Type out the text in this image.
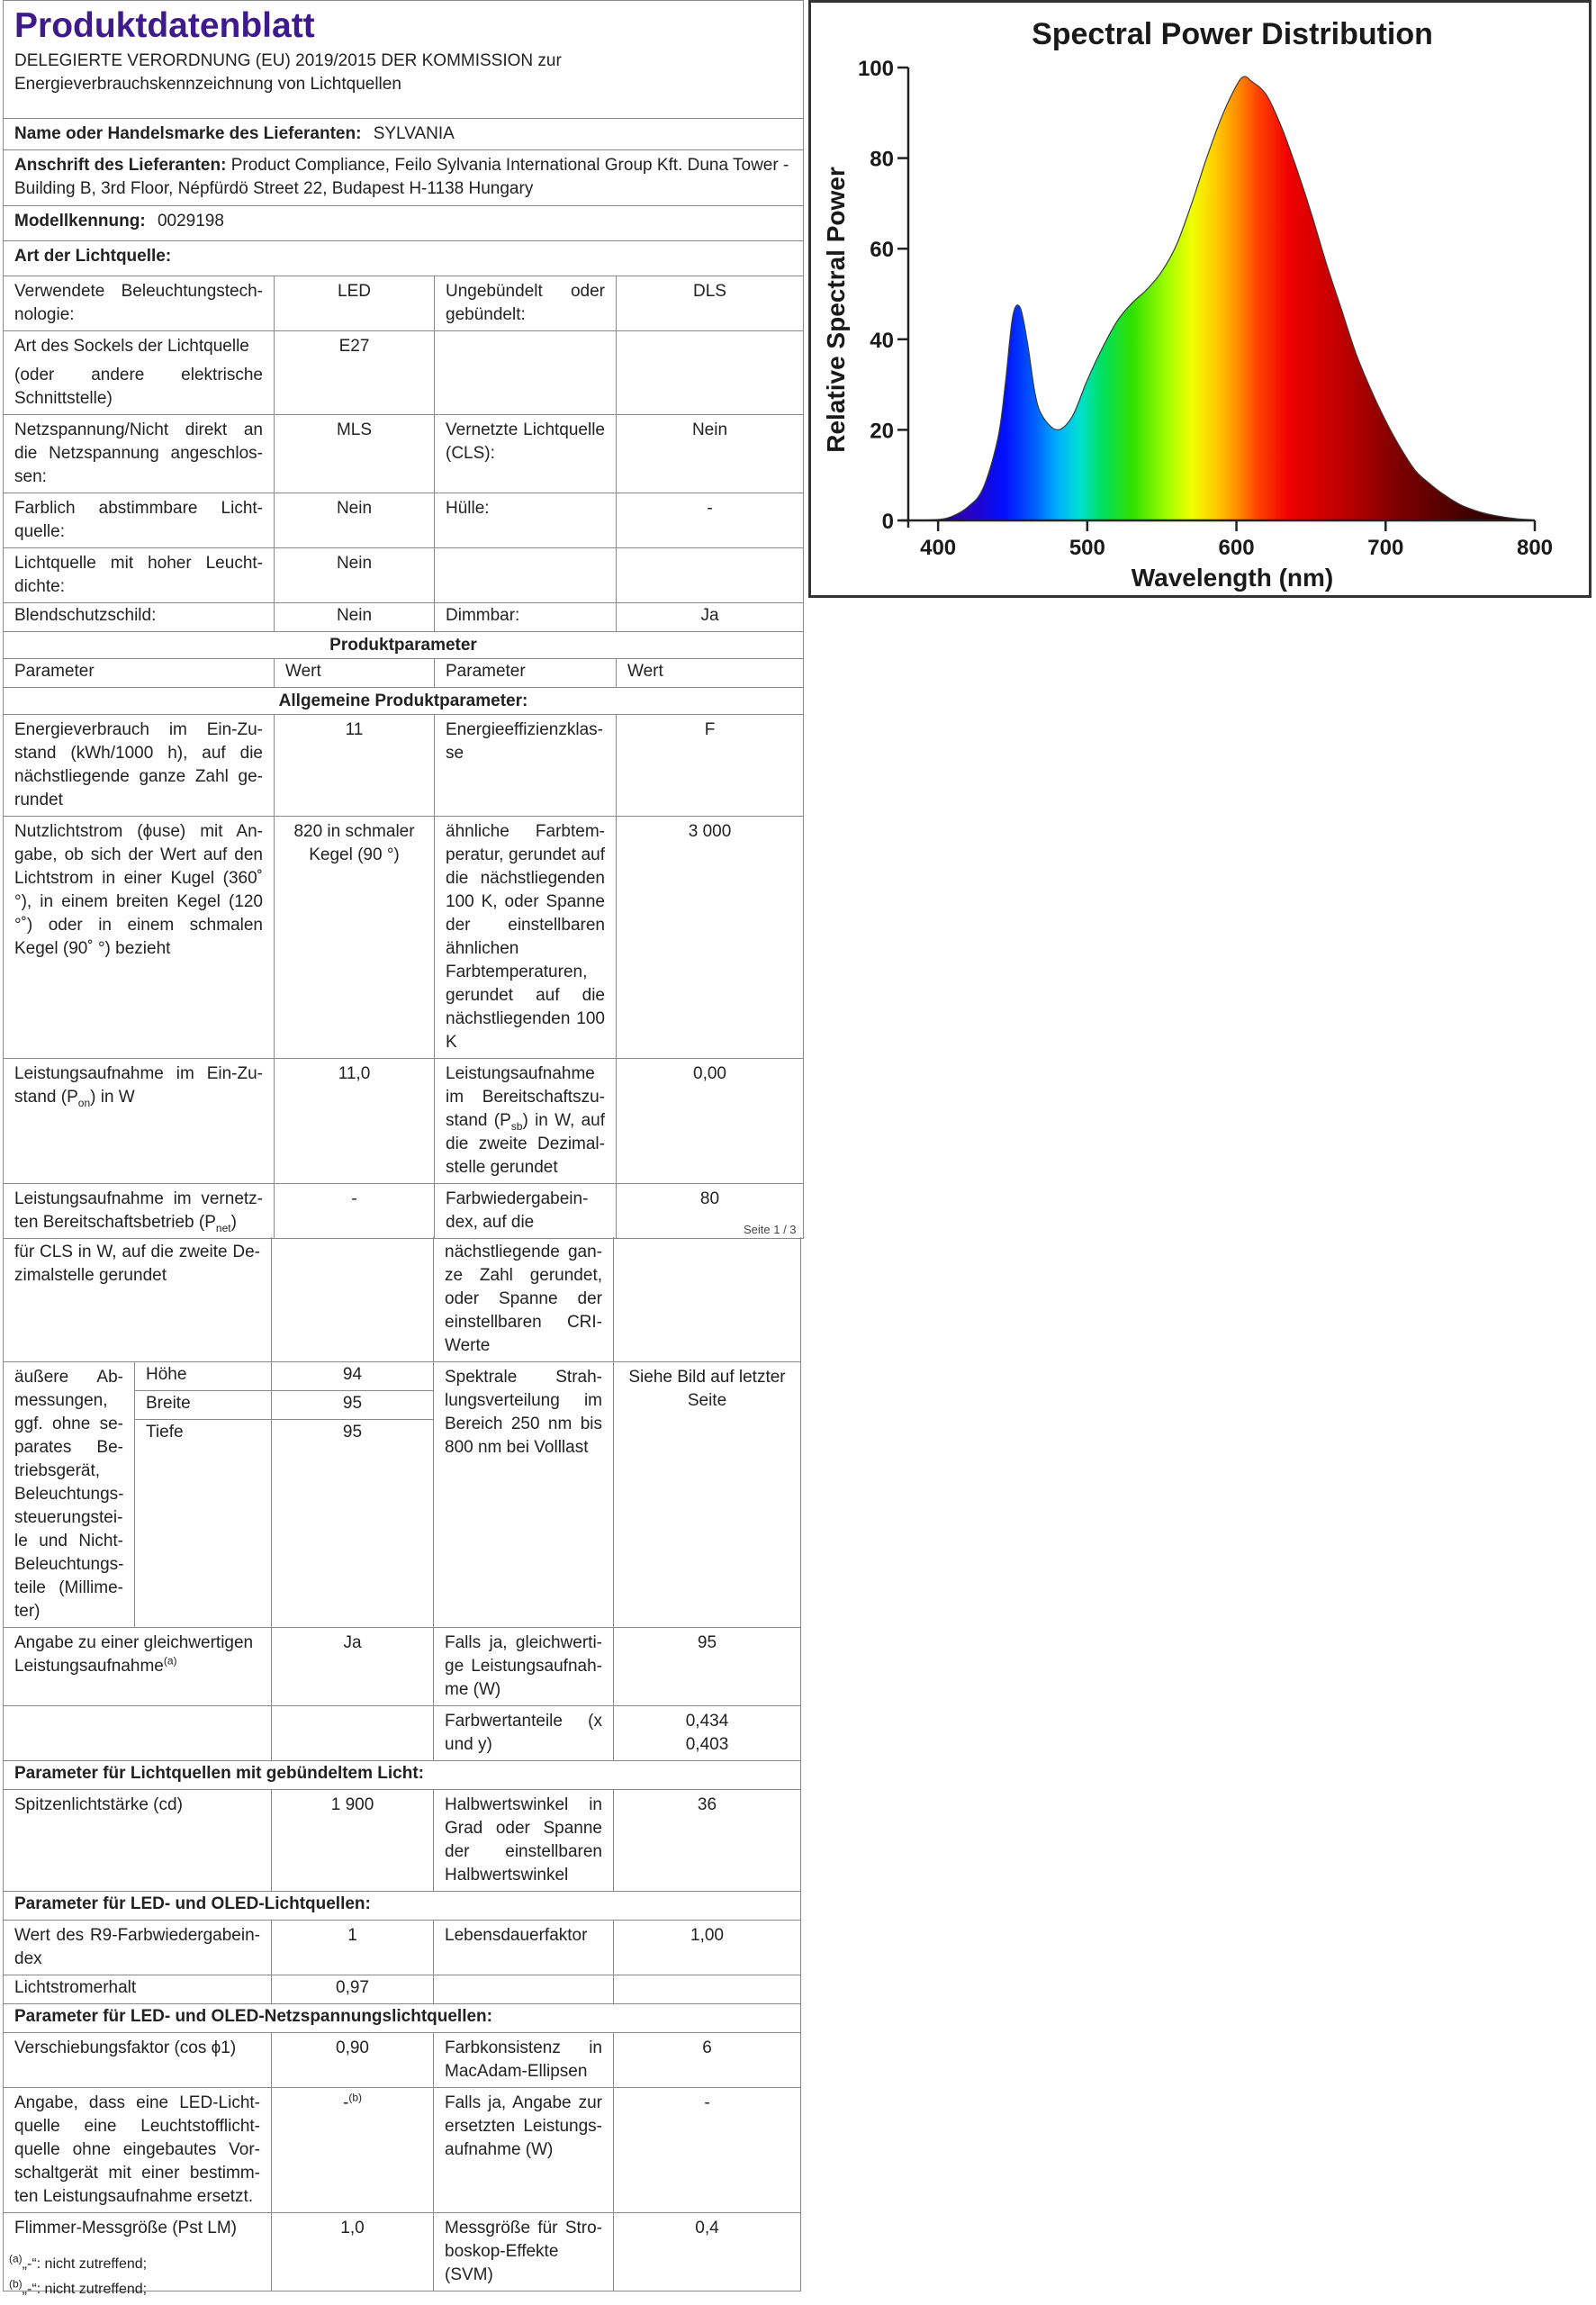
Produktdatenblatt
DELEGIERTE VERORDNUNG (EU) 2019/2015 DER KOMMISSION zur Energieverbrauchskennzeichnung von Lichtquellen			

Name oder Handelsmarke des Lieferanten: SYLVANIA			
Anschrift des Lieferanten: Product Compliance, Feilo Sylvania International Group Kft. Duna Tower - Building B, 3rd Floor, Népfürdö Street 22, Budapest H-1138 Hungary			
Modellkennung: 0029198			
Art der Lichtquelle:			
Verwendete Beleuchtungstechnologie:	LED	Ungebündelt oder gebündelt:	DLS

Art des Sockels der Lichtquelle
(oder andere elektrische Schnittstelle)	E27		
Netzspannung/Nicht direkt an die Netzspannung angeschlossen:	MLS	Vernetzte Lichtquelle (CLS):	Nein
Farblich abstimmbare Lichtquelle:	Nein	Hülle:	-
Lichtquelle mit hoher Leuchtdichte:	Nein		
Blendschutzschild:	Nein	Dimmbar:	Ja
Produktparameter			
Parameter	Wert	Parameter	Wert
Allgemeine Produktparameter:			
Energieverbrauch im Ein-Zustand (kWh/1000 h), auf die nächstliegende ganze Zahl gerundet	11	Energieeffizienzklasse	F
Nutzlichtstrom (ϕuse) mit Angabe, ob sich der Wert auf den Lichtstrom in einer Kugel (360˚ °), in einem breiten Kegel (120 °˚) oder in einem schmalen Kegel (90˚ °) bezieht	820 in schmaler Kegel (90 °)	ähnliche Farbtemperatur, gerundet auf die nächstliegenden 100 K, oder Spanne der einstellbaren ähnlichen Farbtemperaturen, gerundet auf die nächstliegenden 100 K	3 000
Leistungsaufnahme im Ein-Zustand $(P_{on})$ in W	11,0	Leistungsaufnahme im Bereitschaftszustand $(P_{sb})$ in W, auf die zweite Dezimalstelle gerundet	0,00
Leistungsaufnahme im vernetzten Bereitschaftsbetrieb $(P_{net})$	-	Farbwiedergabeindex, auf die	80
Seite 1 / 3
für CLS in W, auf die zweite Dezimalstelle gerundet			nächstliegende ganze Zahl gerundet, oder Spanne der einstellbaren CRI-Werte	
äußere Abmessungen, ggf. ohne separates Betriebsgerät, Beleuchtungssteuerungsteile und Nicht-Beleuchtungsteile (Millimeter)	Höhe	94	Spektrale Strahlungsverteilung im Bereich 250 nm bis 800 nm bei Volllast	Siehe Bild auf letzter Seite
	Breite	95		
	Tiefe	95		

Angabe zu einer gleichwertigen Leistungsaufnahme$^{(a)}$		Ja	Falls ja, gleichwertige Leistungsaufnahme (W)	95
			Farbwertanteile (x und y)	0,434
0,403

Parameter für Lichtquellen mit gebündeltem Licht:				
Spitzenlichtstärke (cd)		1 900	Halbwertswinkel in Grad oder Spanne der einstellbaren Halbwertswinkel	36
Parameter für LED- und OLED-Lichtquellen:				
Wert des R9-Farbwiedergabeindex		1	Lebensdauerfaktor	1,00
Lichtstromerhalt		0,97		
Parameter für LED- und OLED-Netzspannungslichtquellen:				
Verschiebungsfaktor (cos ϕ1)		0,90	Farbkonsistenz in MacAdam-Ellipsen	6
Angabe, dass eine LED-Lichtquelle eine Leuchtstofflichtquelle ohne eingebautes Vorschaltgerät mit einer bestimmten Leistungsaufnahme ersetzt.		-$^{(b)}$	Falls ja, Angabe zur ersetzten Leistungsaufnahme (W)	-
Flimmer-Messgröße (Pst LM)		1,0	Messgröße für Stroboskop-Effekte (SVM)	0,4
$^{(a)}$„-“: nicht zutreffend;
$^{(b)}$„-“: nicht zutreffend;
Spectral Power Distribution
Wavelength (nm)
Relative Spectral Power
0
20
40
60
80
100
400	500	600	700	800
